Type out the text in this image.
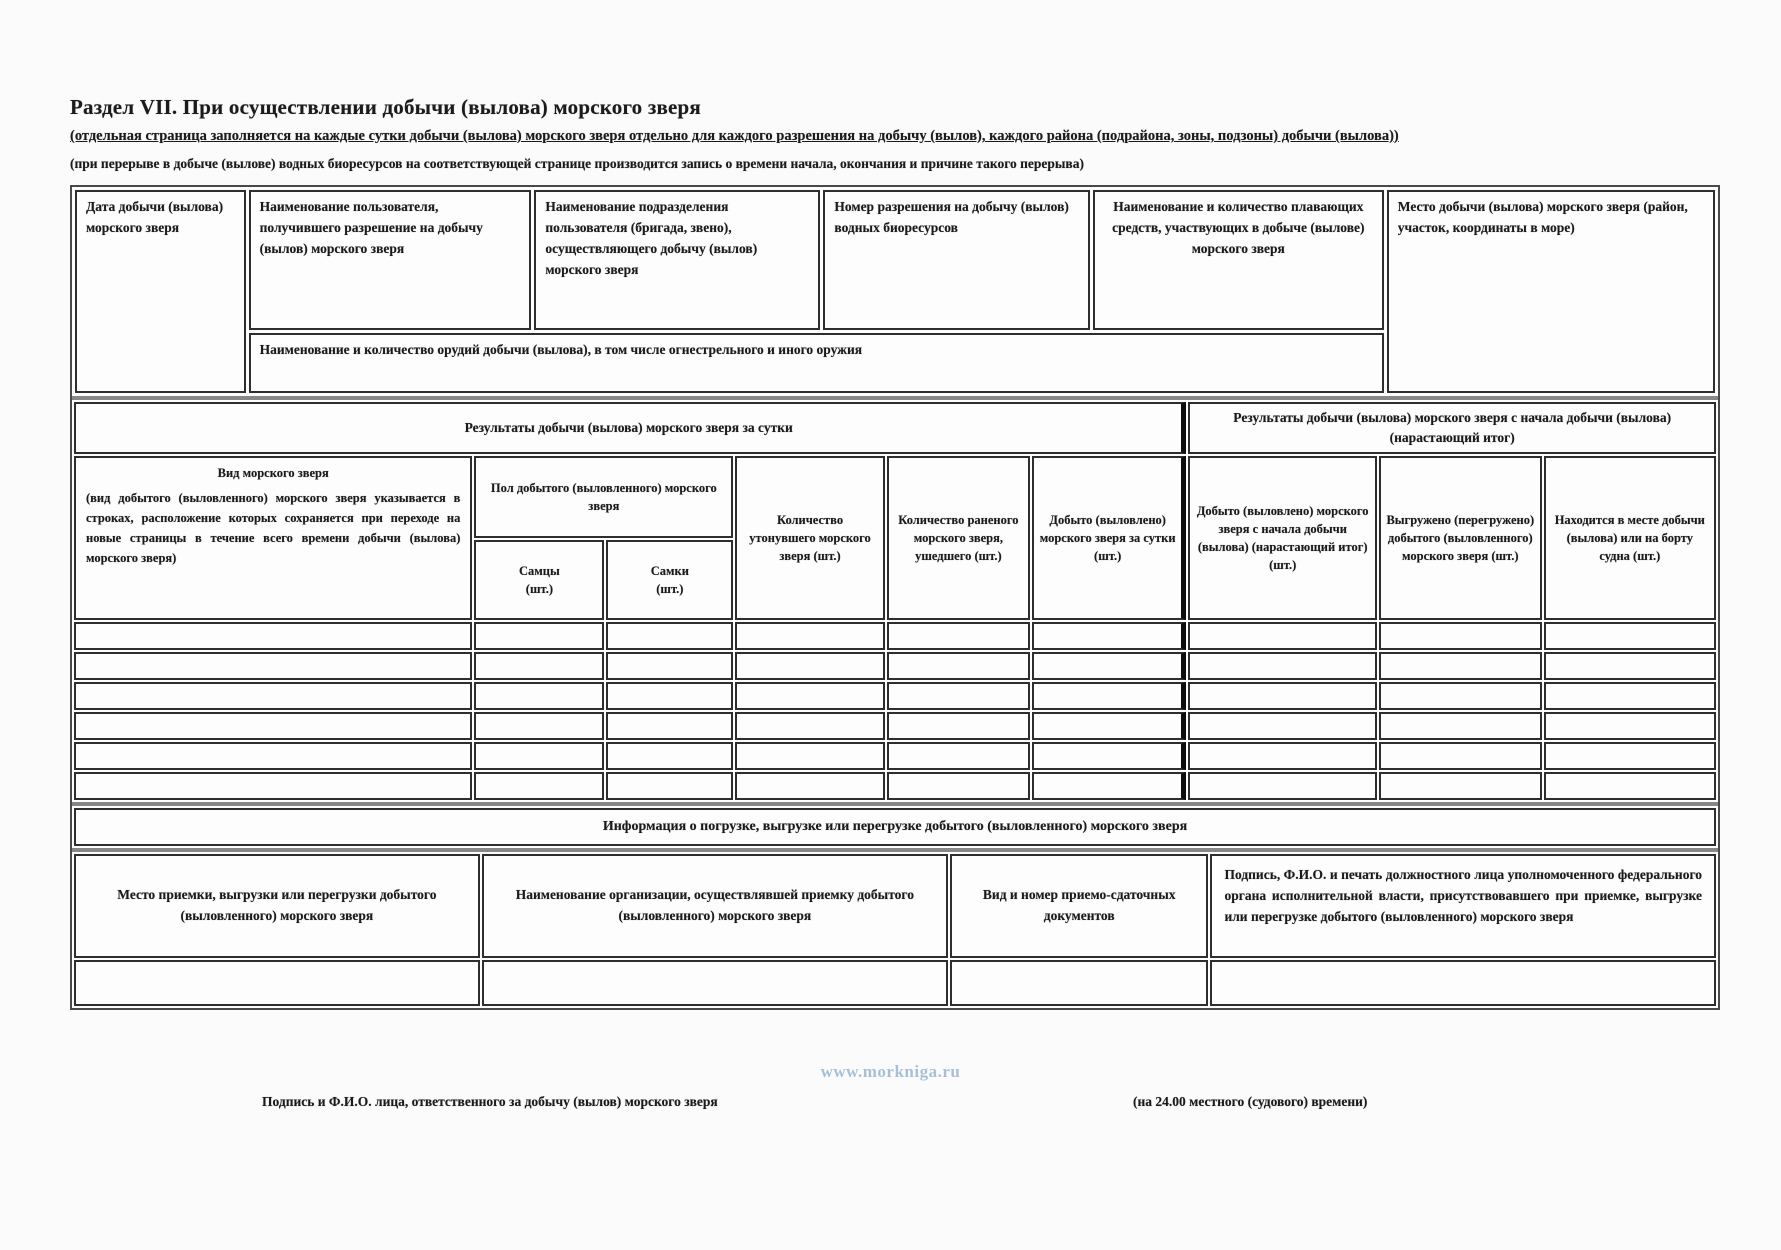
Раздел VII. При осуществлении добычи (вылова) морского зверя
(отдельная страница заполняется на каждые сутки добычи (вылова) морского зверя отдельно для каждого разрешения на добычу (вылов), каждого района (подрайона, зоны, подзоны) добычи (вылова))
(при перерыве в добыче (вылове) водных биоресурсов на соответствующей странице производится запись о времени начала, окончания и причине такого перерыва)
Дата добычи (вылова) морского зверя	Наименование пользователя, получившего разрешение на добычу (вылов) морского зверя	Наименование подразделения пользователя (бригада, звено), осуществляющего добычу (вылов) морского зверя	Номер разрешения на добычу (вылов) водных биоресурсов	Наименование и количество плавающих средств, участвующих в добыче (вылове) морского зверя	Место добычи (вылова) морского зверя (район, участок, координаты в море)
Наименование и количество орудий добычи (вылова), в том числе огнестрельного и иного оружия
Результаты добычи (вылова) морского зверя за сутки						Результаты добычи (вылова) морского зверя с начала добычи (вылова) (нарастающий итог)		

Вид морского зверя
(вид добытого (выловленного) морского зверя указывается в строках, расположение которых сохраняется при переходе на новые страницы в течение всего времени добычи (вылова) морского зверя)	Пол добытого (выловленного) морского зверя		Количество утонувшего морского зверя (шт.)	Количество раненого морского зверя, ушедшего (шт.)	Добыто (выловлено) морского зверя за сутки (шт.)	Добыто (выловлено) морского зверя с начала добычи (вылова) (нарастающий итог) (шт.)	Выгружено (перегружено) добытого (выловленного) морского зверя (шт.)	Находится в месте добычи (вылова) или на борту судна (шт.)
	Самцы (шт.)	Самки (шт.)						

Информация о погрузке, выгрузке или перегрузке добытого (выловленного) морского зверя
Место приемки, выгрузки или перегрузки добытого (выловленного) морского зверя	Наименование организации, осуществлявшей приемку добытого (выловленного) морского зверя	Вид и номер приемо-сдаточных документов	Подпись, Ф.И.О. и печать должностного лица уполномоченного федерального органа исполнительной власти, присутствовавшего при приемке, выгрузке или перегрузке добытого (выловленного) морского зверя

www.morkniga.ru
Подпись и Ф.И.О. лица, ответственного за добычу (вылов) морского зверя	(на 24.00 местного (судового) времени)
